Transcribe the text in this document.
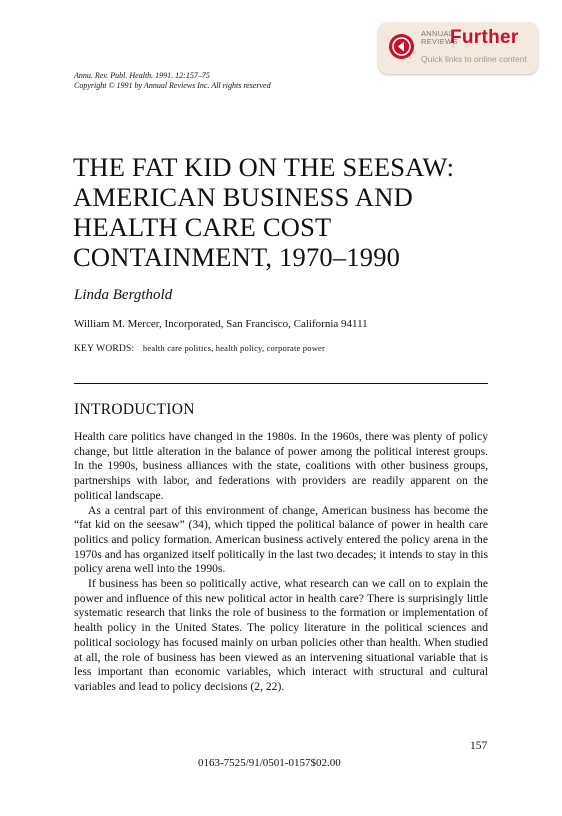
ANNUAL
REVIEWS
Further
Quick links to online content
Annu. Rev. Publ. Health. 1991. 12:157–75
Copyright © 1991 by Annual Reviews Inc. All rights reserved
THE FAT KID ON THE SEESAW:
AMERICAN BUSINESS AND
HEALTH CARE COST
CONTAINMENT, 1970–1990
Linda Bergthold
William M. Mercer, Incorporated, San Francisco, California 94111
KEY WORDS: health care politics, health policy, corporate power
INTRODUCTION

Health care politics have changed in the 1980s. In the 1960s, there was plenty of policy change, but little alteration in the balance of power among the political interest groups. In the 1990s, business alliances with the state, coalitions with other business groups, partnerships with labor, and federations with providers are readily apparent on the political landscape.

As a central part of this environment of change, American business has become the “fat kid on the seesaw” (34), which tipped the political balance of power in health care politics and policy formation. American business actively entered the policy arena in the 1970s and has organized itself politically in the last two decades; it intends to stay in this policy arena well into the 1990s.

If business has been so politically active, what research can we call on to explain the power and influence of this new political actor in health care? There is surprisingly little systematic research that links the role of business to the formation or implementation of health policy in the United States. The policy literature in the political sciences and political sociology has focused mainly on urban policies other than health. When studied at all, the role of business has been viewed as an intervening situational variable that is less important than economic variables, which interact with structural and cultural variables and lead to policy decisions (2, 22).

157
0163-7525/91/0501-0157$02.00
